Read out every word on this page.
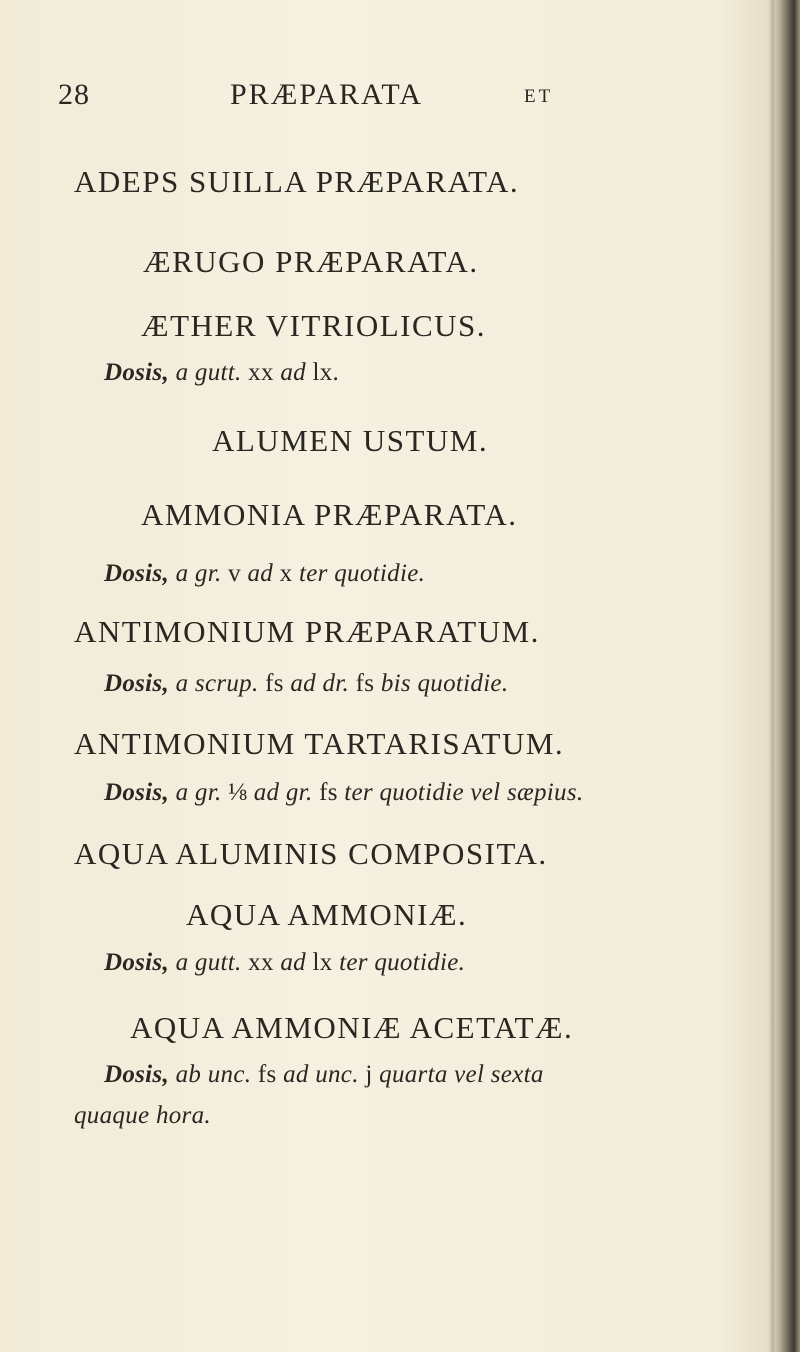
28	PRÆPARATA	ET
ADEPS SUILLA PRÆPARATA.
ÆRUGO PRÆPARATA.
ÆTHER VITRIOLICUS.
Dosis, a gutt. xx ad lx.
ALUMEN USTUM.
AMMONIA PRÆPARATA.
Dosis, a gr. v ad x ter quotidie.
ANTIMONIUM PRÆPARATUM.
Dosis, a scrup. fs ad dr. fs bis quotidie.
ANTIMONIUM TARTARISATUM.
Dosis, a gr. ⅛ ad gr. fs ter quotidie vel sæpius.
AQUA ALUMINIS COMPOSITA.
AQUA AMMONIÆ.
Dosis, a gutt. xx ad lx ter quotidie.
AQUA AMMONIÆ ACETATÆ.
Dosis, ab unc. fs ad unc. j quarta vel sexta
quaque hora.
